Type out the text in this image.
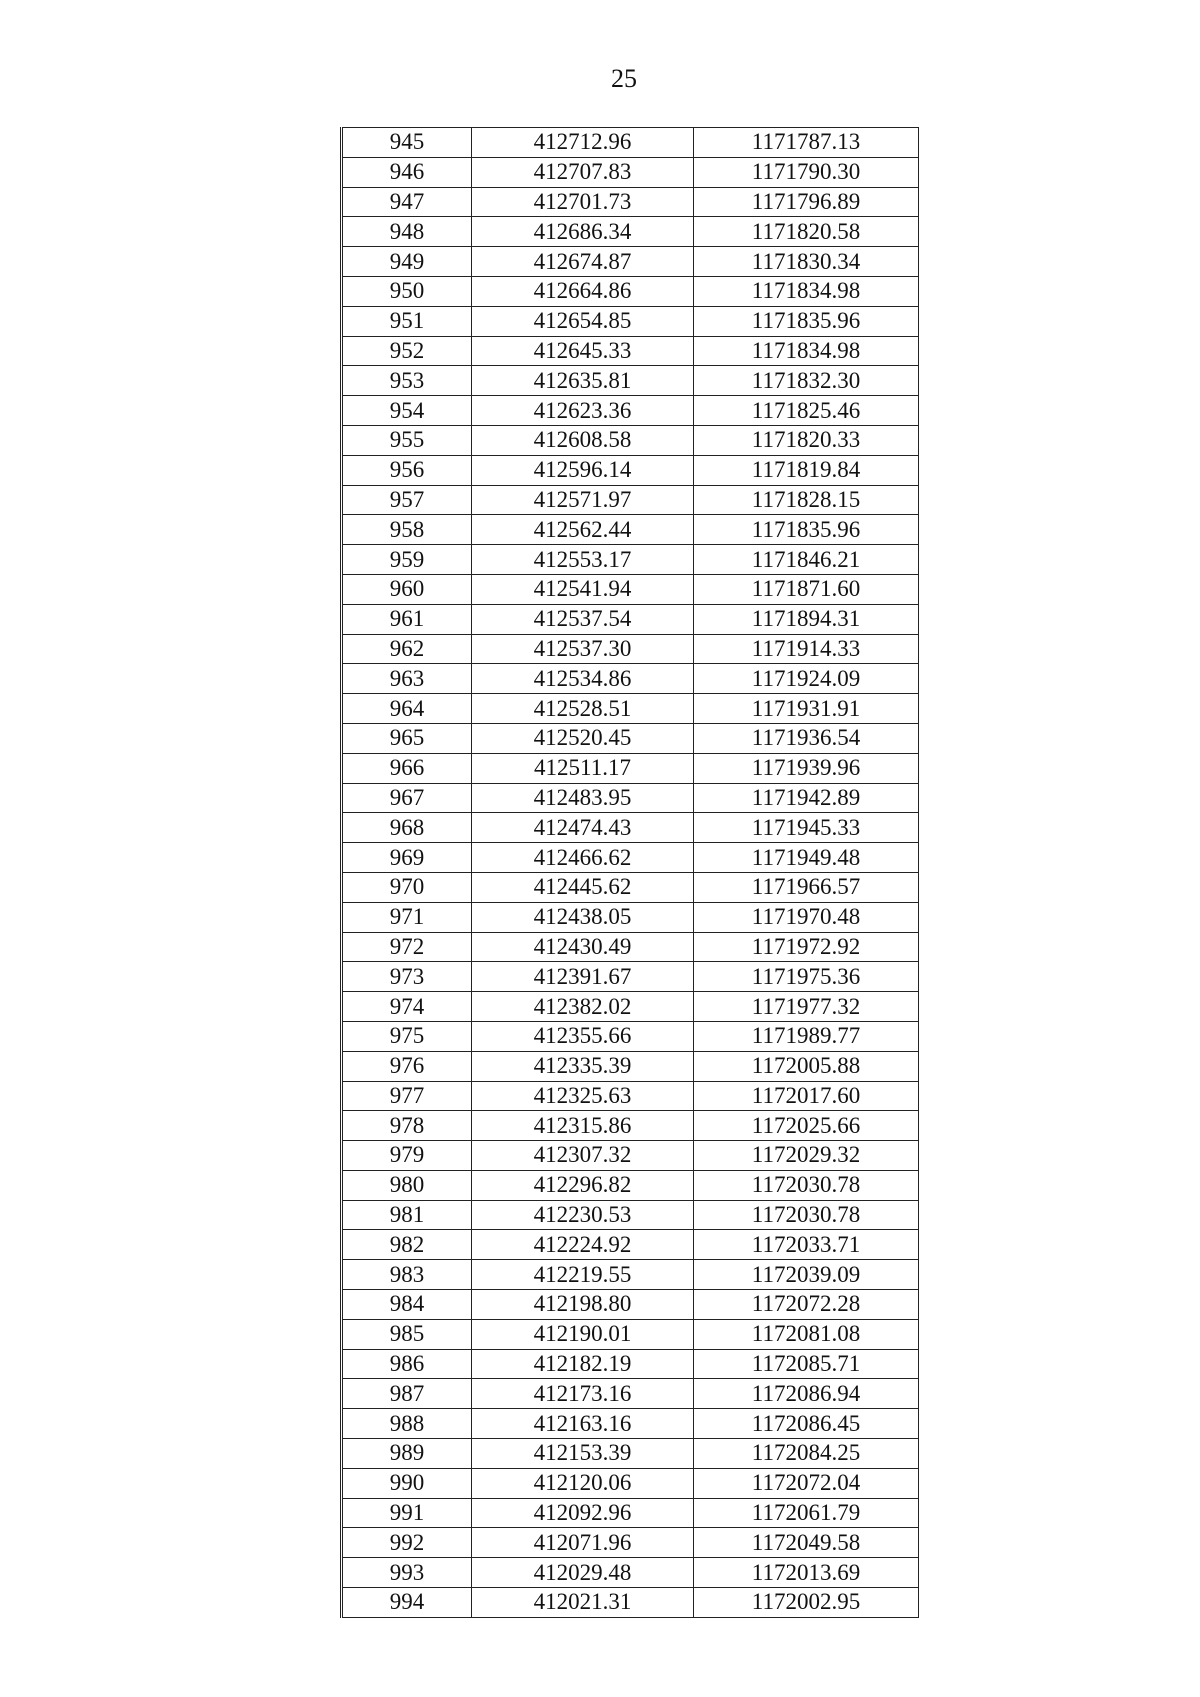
25
945	412712.96	1171787.13
946	412707.83	1171790.30
947	412701.73	1171796.89
948	412686.34	1171820.58
949	412674.87	1171830.34
950	412664.86	1171834.98
951	412654.85	1171835.96
952	412645.33	1171834.98
953	412635.81	1171832.30
954	412623.36	1171825.46
955	412608.58	1171820.33
956	412596.14	1171819.84
957	412571.97	1171828.15
958	412562.44	1171835.96
959	412553.17	1171846.21
960	412541.94	1171871.60
961	412537.54	1171894.31
962	412537.30	1171914.33
963	412534.86	1171924.09
964	412528.51	1171931.91
965	412520.45	1171936.54
966	412511.17	1171939.96
967	412483.95	1171942.89
968	412474.43	1171945.33
969	412466.62	1171949.48
970	412445.62	1171966.57
971	412438.05	1171970.48
972	412430.49	1171972.92
973	412391.67	1171975.36
974	412382.02	1171977.32
975	412355.66	1171989.77
976	412335.39	1172005.88
977	412325.63	1172017.60
978	412315.86	1172025.66
979	412307.32	1172029.32
980	412296.82	1172030.78
981	412230.53	1172030.78
982	412224.92	1172033.71
983	412219.55	1172039.09
984	412198.80	1172072.28
985	412190.01	1172081.08
986	412182.19	1172085.71
987	412173.16	1172086.94
988	412163.16	1172086.45
989	412153.39	1172084.25
990	412120.06	1172072.04
991	412092.96	1172061.79
992	412071.96	1172049.58
993	412029.48	1172013.69
994	412021.31	1172002.95
